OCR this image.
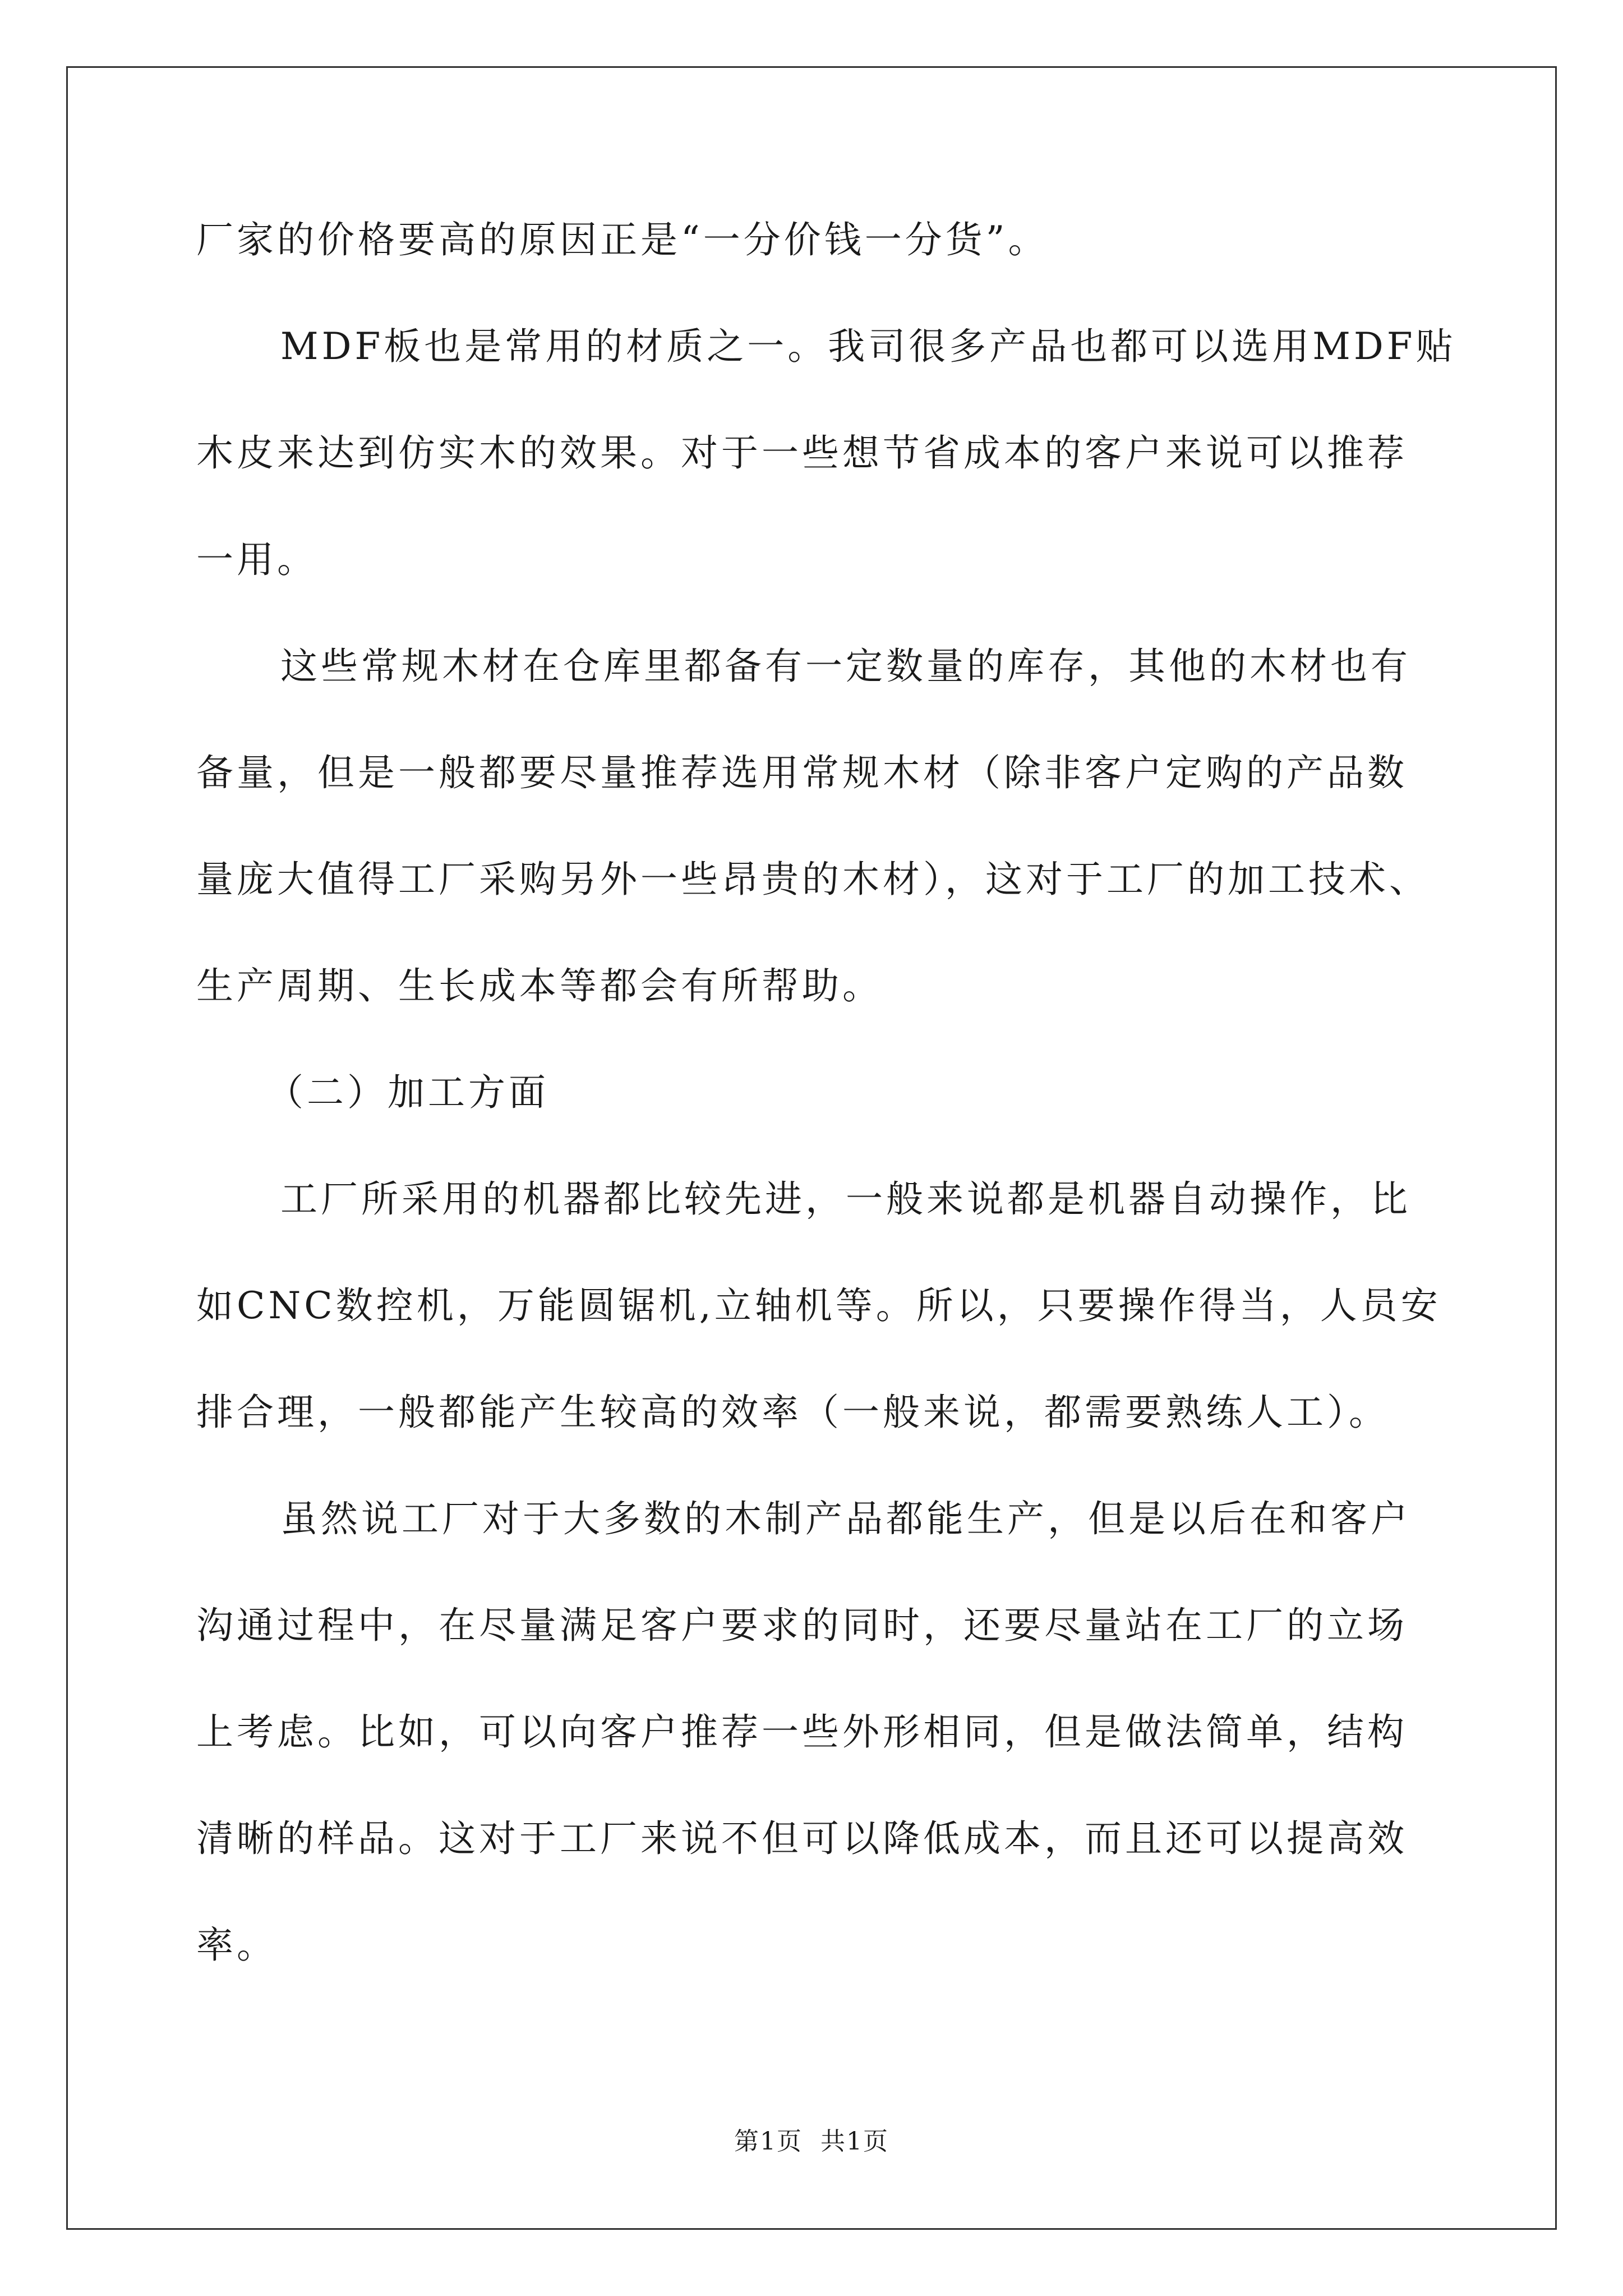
厂家的价格要高的原因正是“一分价钱一分货”。

MDF板也是常用的材质之一。我司很多产品也都可以选用MDF贴

木皮来达到仿实木的效果。对于一些想节省成本的客户来说可以推荐

一用。

这些常规木材在仓库里都备有一定数量的库存，其他的木材也有

备量，但是一般都要尽量推荐选用常规木材（除非客户定购的产品数

量庞大值得工厂采购另外一些昂贵的木材），这对于工厂的加工技术、

生产周期、生长成本等都会有所帮助。

（二）加工方面

工厂所采用的机器都比较先进，一般来说都是机器自动操作，比

如CNC数控机，万能圆锯机,立轴机等。所以，只要操作得当，人员安

排合理，一般都能产生较高的效率（一般来说，都需要熟练人工）。

虽然说工厂对于大多数的木制产品都能生产，但是以后在和客户

沟通过程中，在尽量满足客户要求的同时，还要尽量站在工厂的立场

上考虑。比如，可以向客户推荐一些外形相同，但是做法简单，结构

清晰的样品。这对于工厂来说不但可以降低成本，而且还可以提高效

率。

第1页  共1页
